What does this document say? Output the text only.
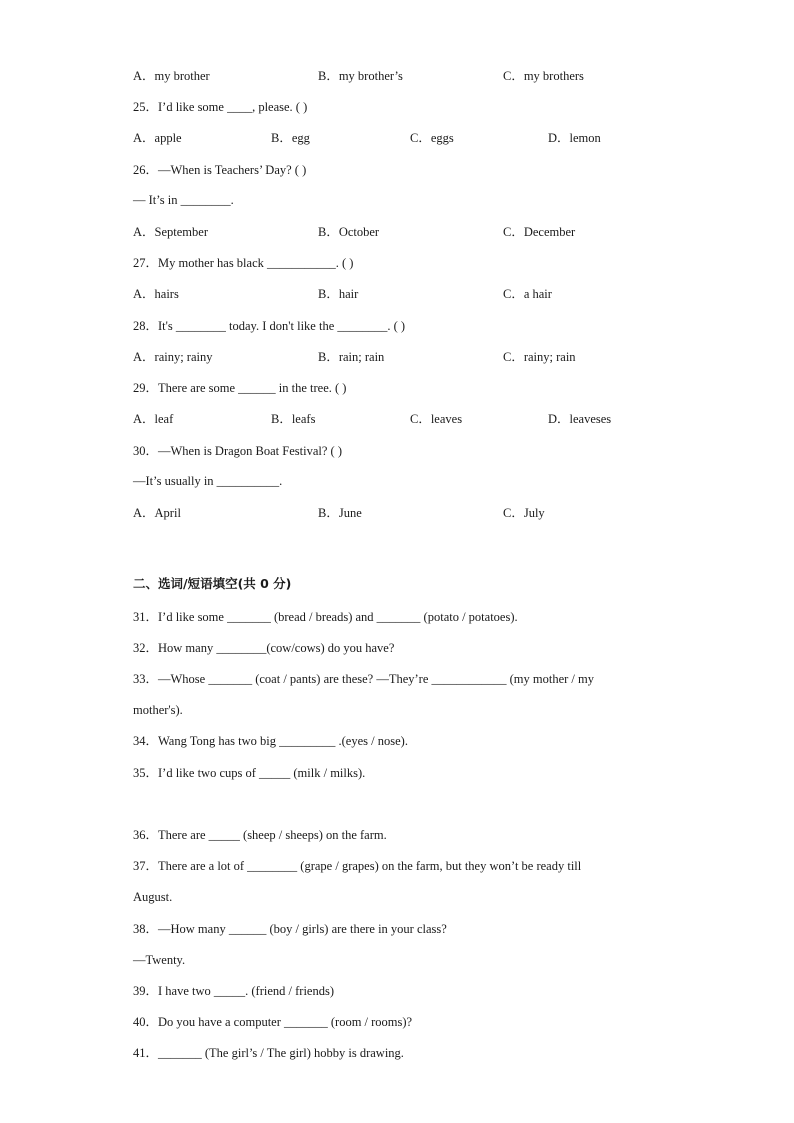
A．my brother	B．my brother’s	C．my brothers
25．I’d like some ____, please. ( )
A．apple	B．egg	C．eggs	D．lemon
26．—When is Teachers’ Day? ( )
— It’s in ________.
A．September	B．October	C．December
27．My mother has black ___________. ( )
A．hairs	B．hair	C．a hair
28．It's ________ today. I don't like the ________. ( )
A．rainy; rainy	B．rain; rain	C．rainy; rain
29．There are some ______ in the tree. ( )
A．leaf	B．leafs	C．leaves	D．leaveses
30．—When is Dragon Boat Festival? ( )
—It’s usually in __________.
A．April	B．June	C．July
二、选词/短语填空(共 0 分)
31．I’d like some _______ (bread / breads) and _______ (potato / potatoes).
32．How many ________(cow/cows) do you have?
33．—Whose _______ (coat / pants) are these? —They’re ____________ (my mother / my
mother's).
34．Wang Tong has two big _________ .(eyes / nose).
35．I’d like two cups of _____ (milk / milks).
36．There are _____ (sheep / sheeps) on the farm.
37．There are a lot of ________ (grape / grapes) on the farm, but they won’t be ready till
August.
38．—How many ______ (boy / girls) are there in your class?
—Twenty.
39．I have two _____. (friend / friends)
40．Do you have a computer _______ (room / rooms)?
41．_______ (The girl’s / The girl) hobby is drawing.
